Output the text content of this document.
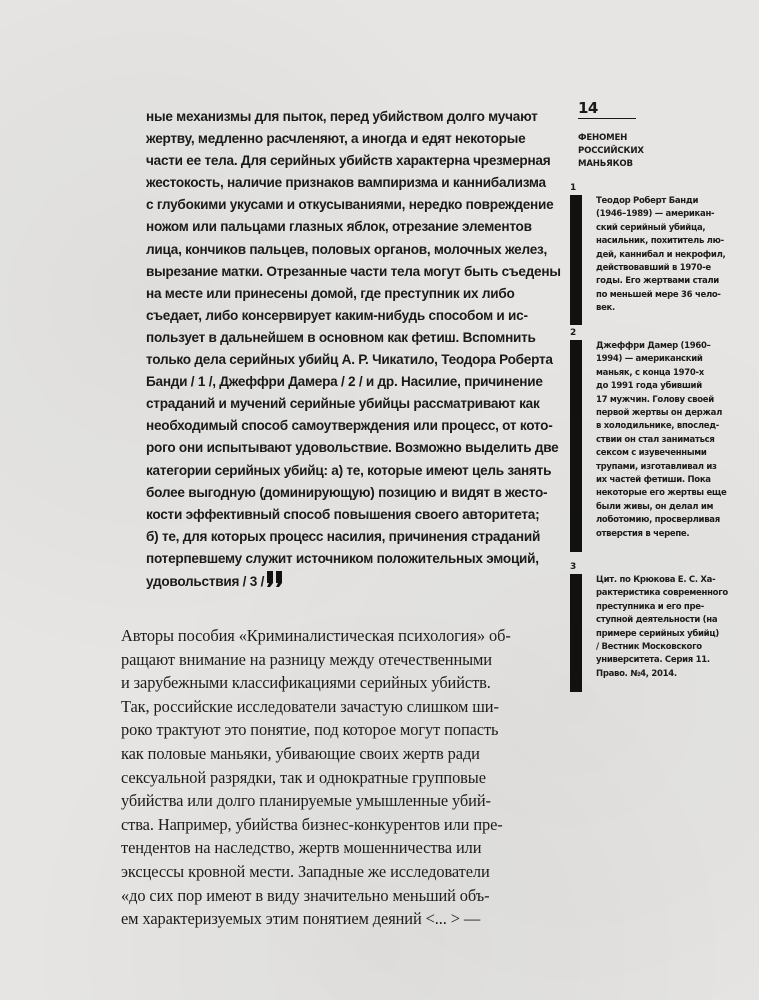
ные механизмы для пыток, перед убийством долго мучают
жертву, медленно расчленяют, а иногда и едят некоторые
части ее тела. Для серийных убийств характерна чрезмерная
жестокость, наличие признаков вампиризма и каннибализма
с глубокими укусами и откусываниями, нередко повреждение
ножом или пальцами глазных яблок, отрезание элементов
лица, кончиков пальцев, половых органов, молочных желез,
вырезание матки. Отрезанные части тела могут быть съедены
на месте или принесены домой, где преступник их либо
съедает, либо консервирует каким-нибудь способом и ис-
пользует в дальнейшем в основном как фетиш. Вспомнить
только дела серийных убийц А. Р. Чикатило, Теодора Роберта
Банди / 1 /, Джеффри Дамера / 2 / и др. Насилие, причинение
страданий и мучений серийные убийцы рассматривают как
необходимый способ самоутверждения или процесс, от кото-
рого они испытывают удовольствие. Возможно выделить две
категории серийных убийц: а) те, которые имеют цель занять
более выгодную (доминирующую) позицию и видят в жесто-
кости эффективный способ повышения своего авторитета;
б) те, для которых процесс насилия, причинения страданий
потерпевшему служит источником положительных эмоций,
удовольствия / 3 /
Авторы пособия «Криминалистическая психология» об-
ращают внимание на разницу между отечественными
и зарубежными классификациями серийных убийств.
Так, российские исследователи зачастую слишком ши-
роко трактуют это понятие, под которое могут попасть
как половые маньяки, убивающие своих жертв ради
сексуальной разрядки, так и однократные групповые
убийства или долго планируемые умышленные убий-
ства. Например, убийства бизнес-конкурентов или пре-
тендентов на наследство, жертв мошенничества или
эксцессы кровной мести. Западные же исследователи
«до сих пор имеют в виду значительно меньший объ-
ем характеризуемых этим понятием деяний <... > —
14
ФЕНОМЕН
РОССИЙСКИХ
МАНЬЯКОВ
1
Теодор Роберт Банди
(1946–1989) — американ-
ский серийный убийца,
насильник, похититель лю-
дей, каннибал и некрофил,
действовавший в 1970-е
годы. Его жертвами стали
по меньшей мере 36 чело-
век.
2
Джеффри Дамер (1960–
1994) — американский
маньяк, с конца 1970-х
до 1991 года убивший
17 мужчин. Голову своей
первой жертвы он держал
в холодильнике, впослед-
ствии он стал заниматься
сексом с изувеченными
трупами, изготавливал из
их частей фетиши. Пока
некоторые его жертвы еще
были живы, он делал им
лоботомию, просверливая
отверстия в черепе.
3
Цит. по Крюкова Е. С. Ха-
рактеристика современного
преступника и его пре-
ступной деятельности (на
примере серийных убийц)
/ Вестник Московского
университета. Серия 11.
Право. №4, 2014.
